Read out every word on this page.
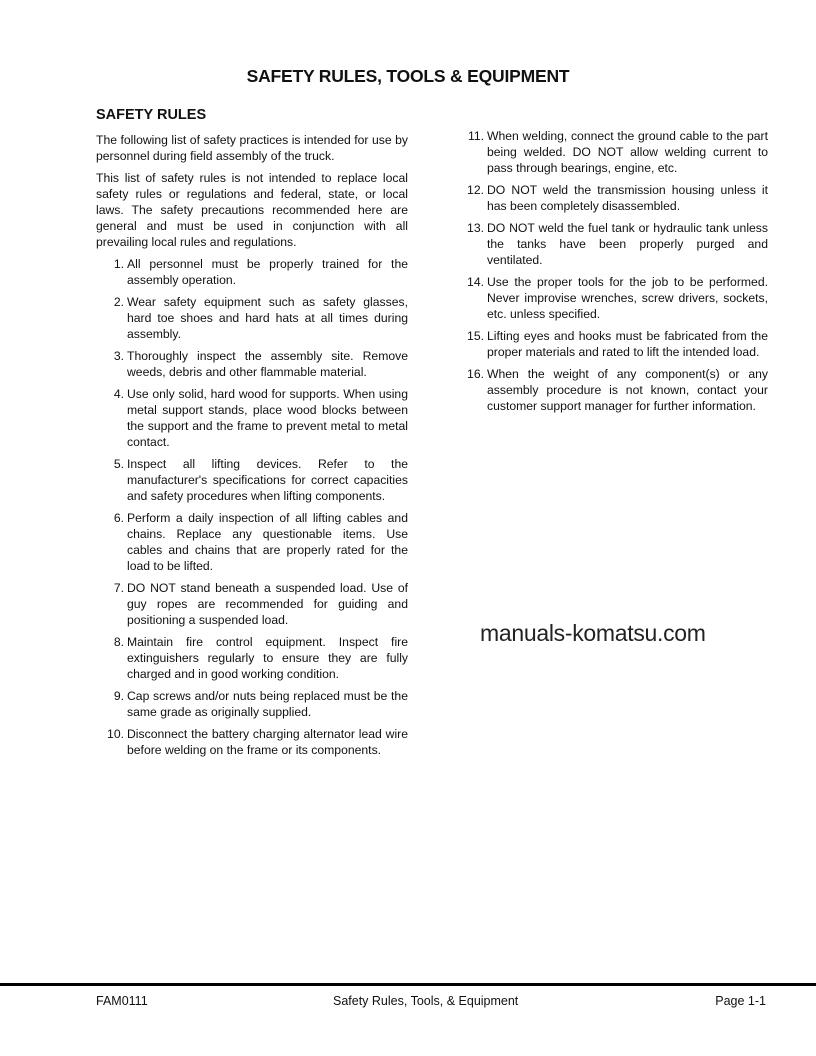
SAFETY RULES, TOOLS & EQUIPMENT
SAFETY RULES

The following list of safety practices is intended for use by personnel during field assembly of the truck.

This list of safety rules is not intended to replace local safety rules or regulations and federal, state, or local laws. The safety precautions recommended here are general and must be used in conjunction with all prevailing local rules and regulations.

1. All personnel must be properly trained for the assembly operation.
2. Wear safety equipment such as safety glasses, hard toe shoes and hard hats at all times during assembly.
3. Thoroughly inspect the assembly site. Remove weeds, debris and other flammable material.
4. Use only solid, hard wood for supports. When using metal support stands, place wood blocks between the support and the frame to prevent metal to metal contact.
5. Inspect all lifting devices. Refer to the manufacturer's specifications for correct capacities and safety procedures when lifting components.
6. Perform a daily inspection of all lifting cables and chains. Replace any questionable items. Use cables and chains that are properly rated for the load to be lifted.
7. DO NOT stand beneath a suspended load. Use of guy ropes are recommended for guiding and positioning a suspended load.
8. Maintain fire control equipment. Inspect fire extinguishers regularly to ensure they are fully charged and in good working condition.
9. Cap screws and/or nuts being replaced must be the same grade as originally supplied.
10. Disconnect the battery charging alternator lead wire before welding on the frame or its components.
11. When welding, connect the ground cable to the part being welded. DO NOT allow welding current to pass through bearings, engine, etc.
12. DO NOT weld the transmission housing unless it has been completely disassembled.
13. DO NOT weld the fuel tank or hydraulic tank unless the tanks have been properly purged and ventilated.
14. Use the proper tools for the job to be performed. Never improvise wrenches, screw drivers, sockets, etc. unless specified.
15. Lifting eyes and hooks must be fabricated from the proper materials and rated to lift the intended load.
16. When the weight of any component(s) or any assembly procedure is not known, contact your customer support manager for further information.
manuals-komatsu.com
FAM0111	Safety Rules, Tools, & Equipment	Page 1-1
